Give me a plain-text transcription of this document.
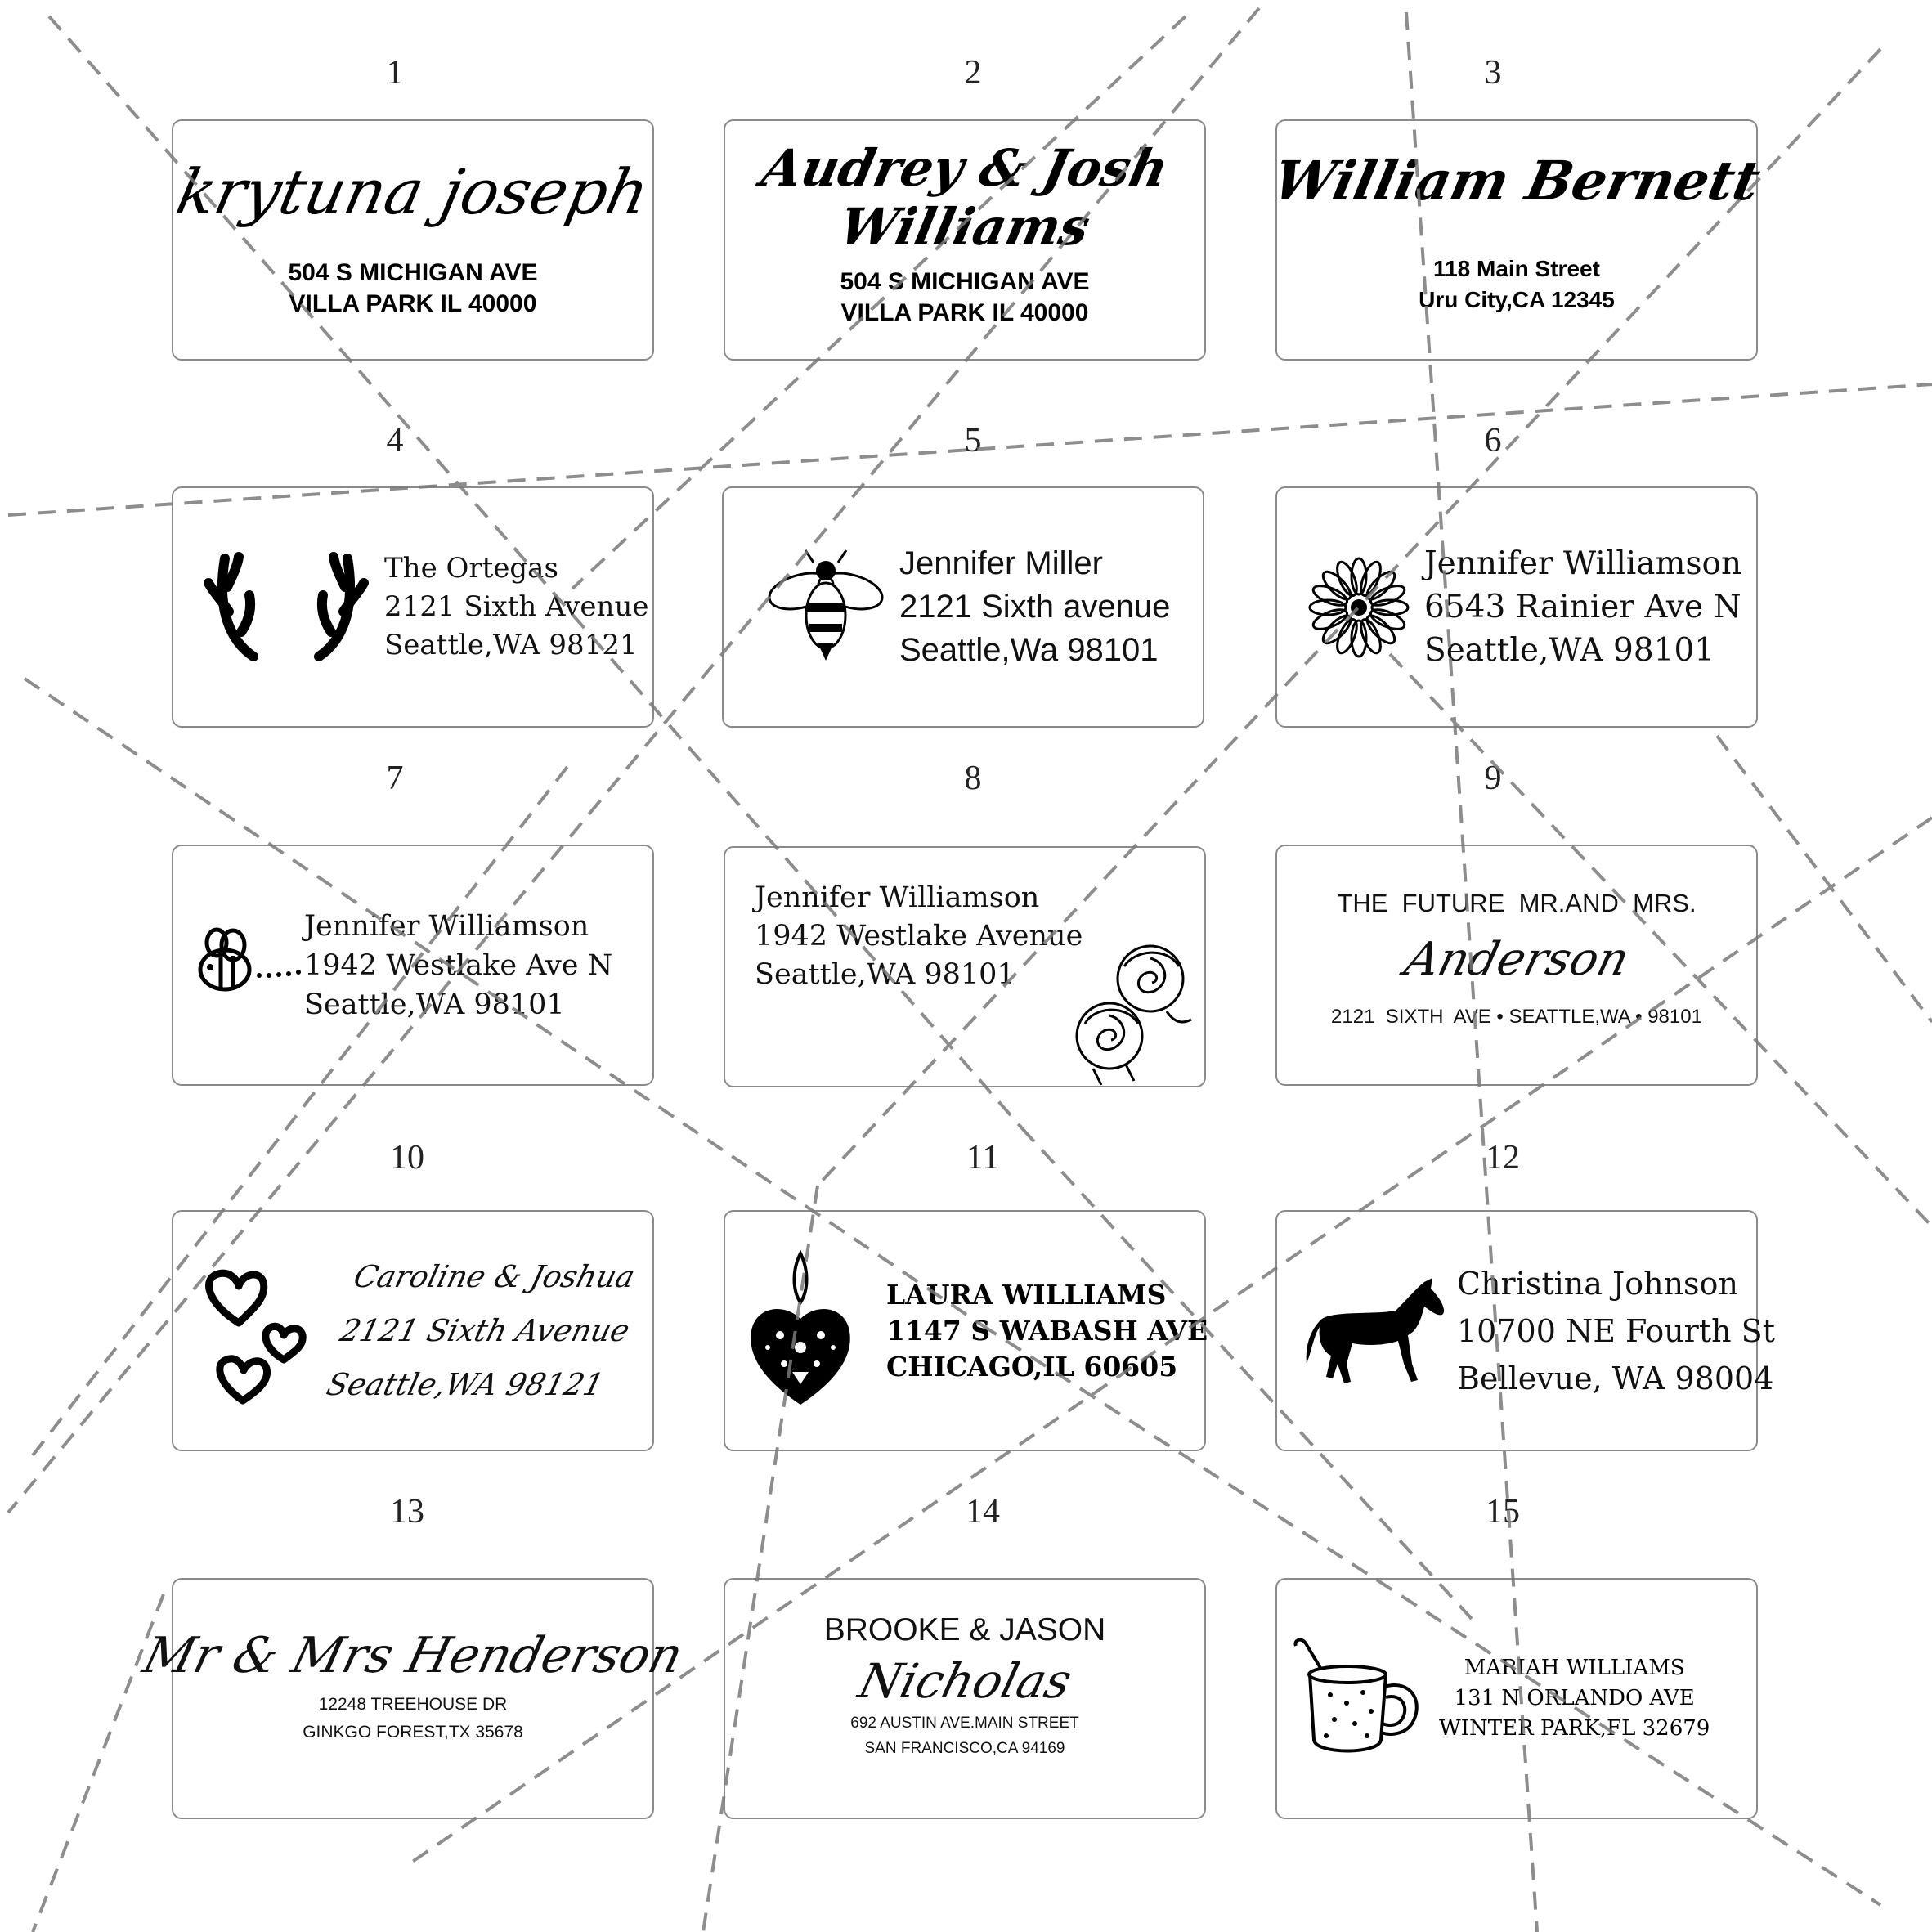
1	2	3
4	5	6
7	8	9
10	11	12
13	14	15
krytuna joseph
504 S MICHIGAN AVE
VILLA PARK IL 40000
Audrey & Josh
Williams
504 S MICHIGAN AVE
VILLA PARK IL 40000
William Bernett
118 Main Street
Uru City,CA 12345
The Ortegas
2121 Sixth Avenue
Seattle,WA 98121
Jennifer Miller
2121 Sixth avenue
Seattle,Wa 98101
Jennifer Williamson
6543 Rainier Ave N
Seattle,WA 98101
Jennifer Williamson
1942 Westlake Ave N
Seattle,WA 98101
Jennifer Williamson
1942 Westlake Avenue
Seattle,WA 98101
THE  FUTURE  MR.AND  MRS.
Anderson
2121  SIXTH  AVE • SEATTLE,WA • 98101
Caroline & Joshua
2121 Sixth Avenue
Seattle,WA 98121
LAURA WILLIAMS
1147 S WABASH AVE
CHICAGO,IL 60605
Christina Johnson
10700 NE Fourth St
Bellevue, WA 98004
Mr & Mrs Henderson
12248 TREEHOUSE DR
GINKGO FOREST,TX 35678
BROOKE & JASON
Nicholas
692 AUSTIN AVE.MAIN STREET
SAN FRANCISCO,CA 94169
MARIAH WILLIAMS
131 N ORLANDO AVE
WINTER PARK,FL 32679
